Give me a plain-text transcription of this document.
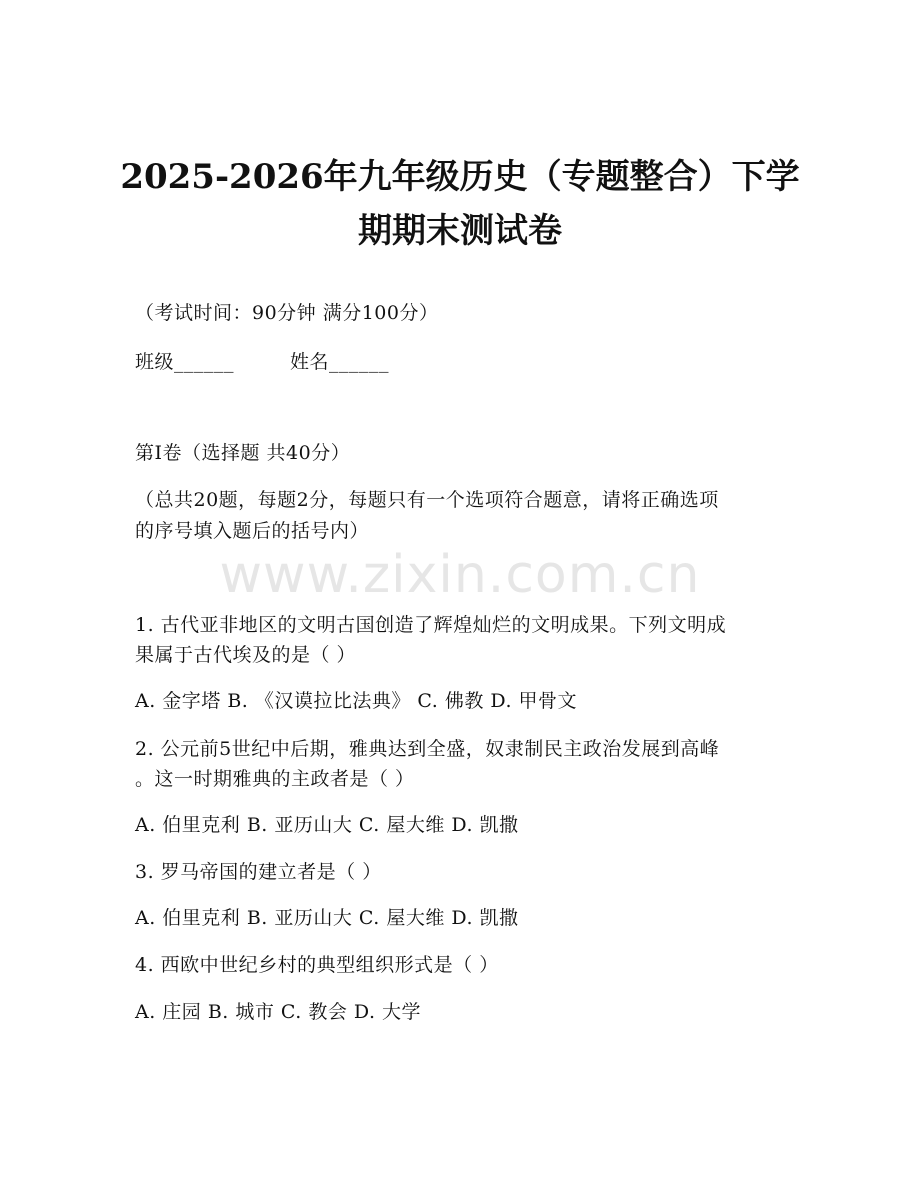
www.zixin.com.cn
2025-2026年九年级历史（专题整合）下学
期期末测试卷
（考试时间：90分钟 满分100分）
班级______	姓名______
第I卷（选择题 共40分）
（总共20题，每题2分，每题只有一个选项符合题意，请将正确选项
的序号填入题后的括号内）
1. 古代亚非地区的文明古国创造了辉煌灿烂的文明成果。下列文明成
果属于古代埃及的是（ ）
A. 金字塔 B. 《汉谟拉比法典》 C. 佛教 D. 甲骨文
2. 公元前5世纪中后期，雅典达到全盛，奴隶制民主政治发展到高峰
。这一时期雅典的主政者是（ ）
A. 伯里克利 B. 亚历山大 C. 屋大维 D. 凯撒
3. 罗马帝国的建立者是（ ）
A. 伯里克利 B. 亚历山大 C. 屋大维 D. 凯撒
4. 西欧中世纪乡村的典型组织形式是（ ）
A. 庄园 B. 城市 C. 教会 D. 大学
